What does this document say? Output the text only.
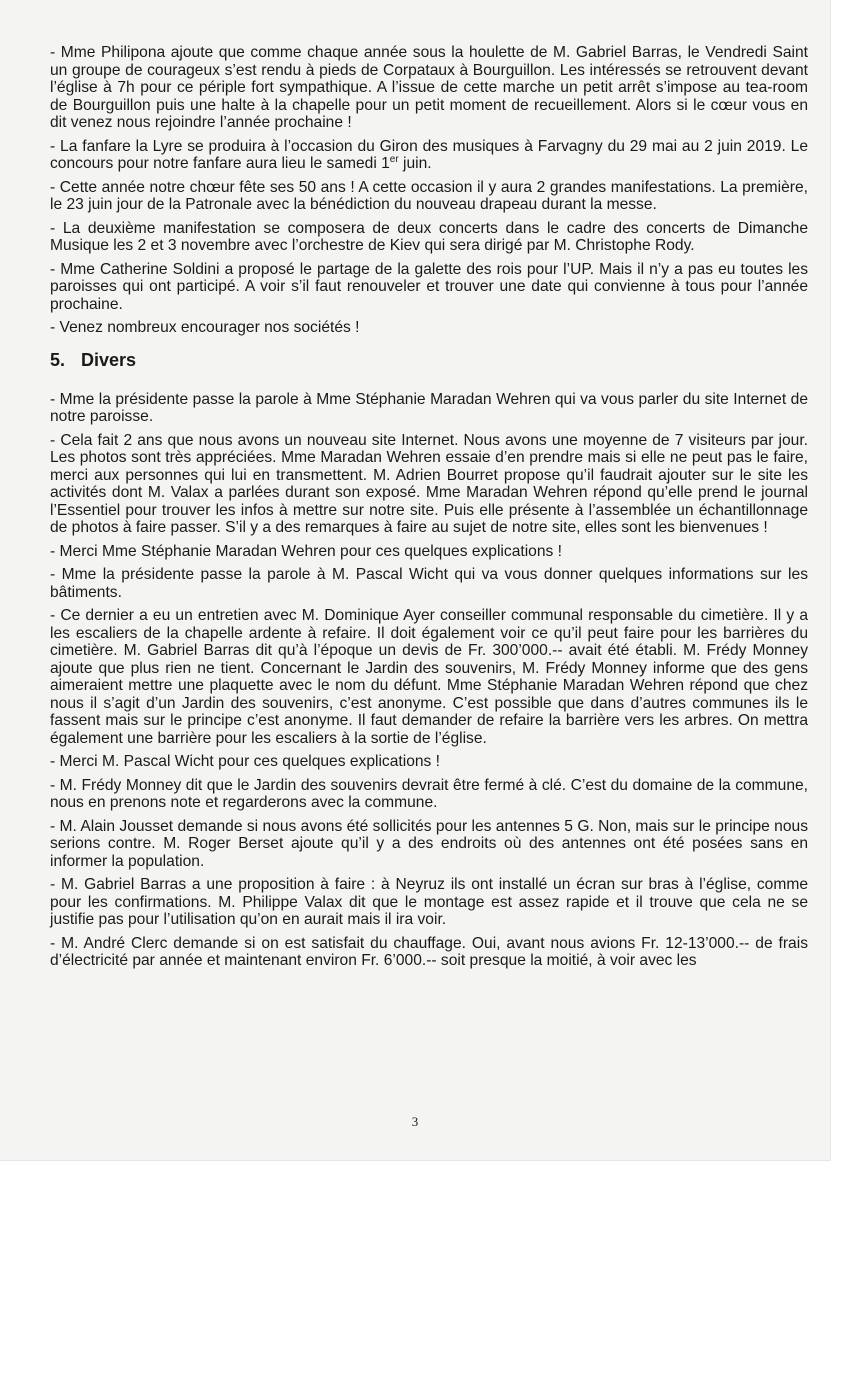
- Mme Philipona ajoute que comme chaque année sous la houlette de M. Gabriel Barras, le Vendredi Saint un groupe de courageux s’est rendu à pieds de Corpataux à Bourguillon. Les intéressés se retrouvent devant l’église à 7h pour ce périple fort sympathique. A l’issue de cette marche un petit arrêt s’impose au tea-room de Bourguillon puis une halte à la chapelle pour un petit moment de recueillement. Alors si le cœur vous en dit venez nous rejoindre l’année prochaine !

- La fanfare la Lyre se produira à l’occasion du Giron des musiques à Farvagny du 29 mai au 2 juin 2019. Le concours pour notre fanfare aura lieu le samedi 1er juin.

- Cette année notre chœur fête ses 50 ans ! A cette occasion il y aura 2 grandes manifestations. La première, le 23 juin jour de la Patronale avec la bénédiction du nouveau drapeau durant la messe.

- La deuxième manifestation se composera de deux concerts dans le cadre des concerts de Dimanche Musique les 2 et 3 novembre avec l’orchestre de Kiev qui sera dirigé par M. Christophe Rody.

- Mme Catherine Soldini a proposé le partage de la galette des rois pour l’UP. Mais il n’y a pas eu toutes les paroisses qui ont participé. A voir s’il faut renouveler et trouver une date qui convienne à tous pour l’année prochaine.

- Venez nombreux encourager nos sociétés !

5. Divers

- Mme la présidente passe la parole à Mme Stéphanie Maradan Wehren qui va vous parler du site Internet de notre paroisse.

- Cela fait 2 ans que nous avons un nouveau site Internet. Nous avons une moyenne de 7 visiteurs par jour. Les photos sont très appréciées. Mme Maradan Wehren essaie d’en prendre mais si elle ne peut pas le faire, merci aux personnes qui lui en transmettent. M. Adrien Bourret propose qu’il faudrait ajouter sur le site les activités dont M. Valax a parlées durant son exposé. Mme Maradan Wehren répond qu’elle prend le journal l’Essentiel pour trouver les infos à mettre sur notre site. Puis elle présente à l’assemblée un échantillonnage de photos à faire passer. S’il y a des remarques à faire au sujet de notre site, elles sont les bienvenues !

- Merci Mme Stéphanie Maradan Wehren pour ces quelques explications !

- Mme la présidente passe la parole à M. Pascal Wicht qui va vous donner quelques informations sur les bâtiments.

- Ce dernier a eu un entretien avec M. Dominique Ayer conseiller communal responsable du cimetière. Il y a les escaliers de la chapelle ardente à refaire. Il doit également voir ce qu’il peut faire pour les barrières du cimetière. M. Gabriel Barras dit qu’à l’époque un devis de Fr. 300’000.-- avait été établi. M. Frédy Monney ajoute que plus rien ne tient. Concernant le Jardin des souvenirs, M. Frédy Monney informe que des gens aimeraient mettre une plaquette avec le nom du défunt. Mme Stéphanie Maradan Wehren répond que chez nous il s’agit d’un Jardin des souvenirs, c’est anonyme. C’est possible que dans d’autres communes ils le fassent mais sur le principe c’est anonyme. Il faut demander de refaire la barrière vers les arbres. On mettra également une barrière pour les escaliers à la sortie de l’église.

- Merci M. Pascal Wicht pour ces quelques explications !

- M. Frédy Monney dit que le Jardin des souvenirs devrait être fermé à clé. C’est du domaine de la commune, nous en prenons note et regarderons avec la commune.

- M. Alain Jousset demande si nous avons été sollicités pour les antennes 5 G. Non, mais sur le principe nous serions contre. M. Roger Berset ajoute qu’il y a des endroits où des antennes ont été posées sans en informer la population.

- M. Gabriel Barras a une proposition à faire : à Neyruz ils ont installé un écran sur bras à l’église, comme pour les confirmations. M. Philippe Valax dit que le montage est assez rapide et il trouve que cela ne se justifie pas pour l’utilisation qu’on en aurait mais il ira voir.

- M. André Clerc demande si on est satisfait du chauffage. Oui, avant nous avions Fr. 12-13’000.-- de frais d’électricité par année et maintenant environ Fr. 6’000.-- soit presque la moitié, à voir avec les

3
